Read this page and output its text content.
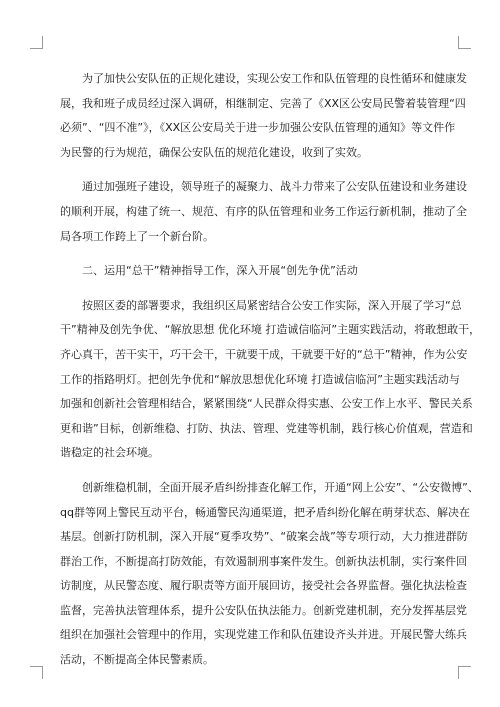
为了加快公安队伍的正规化建设，实现公安工作和队伍管理的良性循环和健康发
展，我和班子成员经过深入调研，相继制定、完善了《XX区公安局民警着装管理“四
必须”、“四不准”》，《XX区公安局关于进一步加强公安队伍管理的通知》等文件作
为民警的行为规范，确保公安队伍的规范化建设，收到了实效。
通过加强班子建设，领导班子的凝聚力、战斗力带来了公安队伍建设和业务建设
的顺利开展，构建了统一、规范、有序的队伍管理和业务工作运行新机制，推动了全
局各项工作跨上了一个新台阶。
二、运用“总干”精神指导工作，深入开展“创先争优”活动
按照区委的部署要求，我组织区局紧密结合公安工作实际，深入开展了学习“总
干”精神及创先争优、“解放思想 优化环境 打造诚信临河”主题实践活动，将敢想敢干，
齐心真干，苦干实干，巧干会干，干就要干成，干就要干好的“总干”精神，作为公安
工作的指路明灯。把创先争优和“解放思想优化环境 打造诚信临河”主题实践活动与
加强和创新社会管理相结合，紧紧围绕“人民群众得实惠、公安工作上水平、警民关系
更和谐”目标，创新维稳、打防、执法、管理、党建等机制，践行核心价值观，营造和
谐稳定的社会环境。
创新维稳机制，全面开展矛盾纠纷排查化解工作，开通“网上公安”、“公安微博”、
qq群等网上警民互动平台，畅通警民沟通渠道，把矛盾纠纷化解在萌芽状态、解决在
基层。创新打防机制，深入开展“夏季攻势”、“破案会战”等专项行动，大力推进群防
群治工作，不断提高打防效能，有效遏制刑事案件发生。创新执法机制，实行案件回
访制度，从民警态度、履行职责等方面开展回访，接受社会各界监督。强化执法检查
监督，完善执法管理体系，提升公安队伍执法能力。创新党建机制，充分发挥基层党
组织在加强社会管理中的作用，实现党建工作和队伍建设齐头并进。开展民警大练兵
活动，不断提高全体民警素质。
